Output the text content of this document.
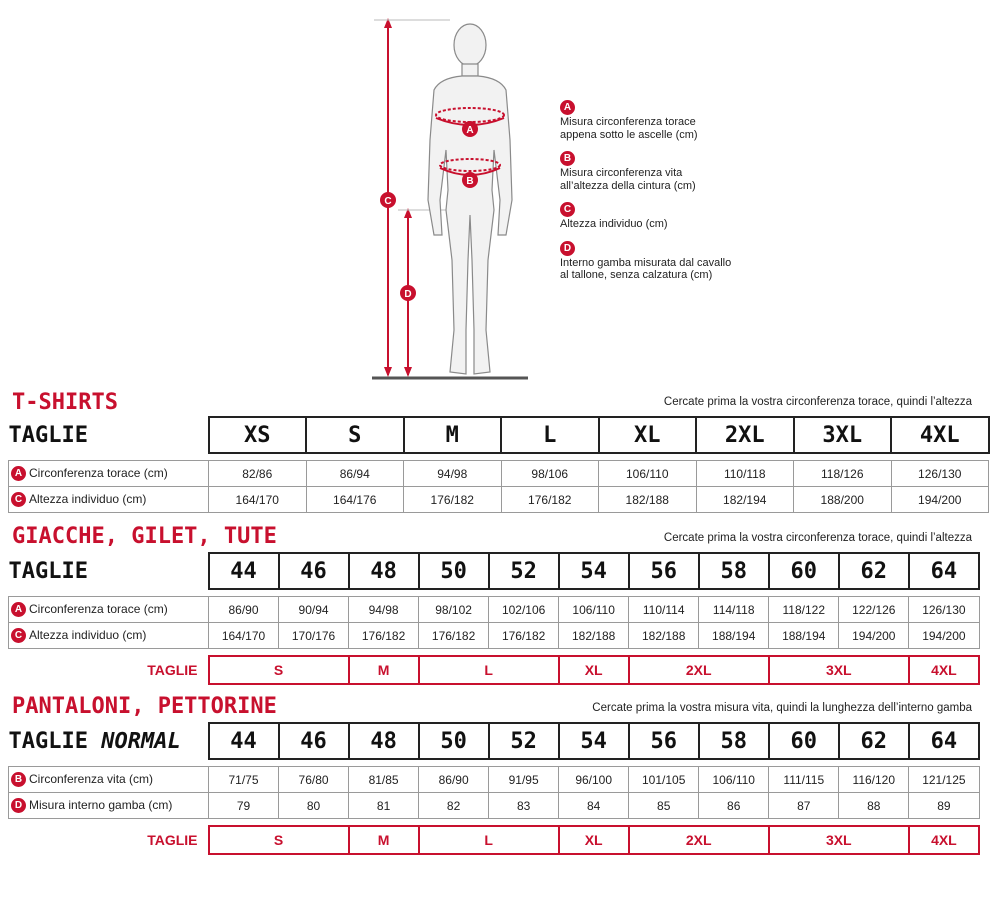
C
D
A
B
A
Misura circonferenza torace appena sotto le ascelle (cm)
B
Misura circonferenza vita all’altezza della cintura (cm)
C
Altezza individuo (cm)
D
Interno gamba misurata dal cavallo al tallone, senza calzatura (cm)
T-SHIRTS	Cercate prima la vostra circonferenza torace, quindi l’altezza
TAGLIE	XS	S	M	L	XL	2XL	3XL	4XL

A Circonferenza torace (cm)	82/86	86/94	94/98	98/106	106/110	110/118	118/126	126/130
C Altezza individuo (cm)	164/170	164/176	176/182	176/182	182/188	182/194	188/200	194/200
GIACCHE, GILET, TUTE	Cercate prima la vostra circonferenza torace, quindi l’altezza
TAGLIE	44	46	48	50	52	54	56	58	60	62	64

A Circonferenza torace (cm)	86/90	90/94	94/98	98/102	102/106	106/110	110/114	114/118	118/122	122/126	126/130
C Altezza individuo (cm)	164/170	170/176	176/182	176/182	176/182	182/188	182/188	188/194	188/194	194/200	194/200

TAGLIE	S		M	L		XL	2XL		3XL		4XL
PANTALONI, PETTORINE	Cercate prima la vostra misura vita, quindi la lunghezza dell’interno gamba
TAGLIE NORMAL	44	46	48	50	52	54	56	58	60	62	64

B Circonferenza vita (cm)	71/75	76/80	81/85	86/90	91/95	96/100	101/105	106/110	111/115	116/120	121/125
D Misura interno gamba (cm)	79	80	81	82	83	84	85	86	87	88	89

TAGLIE	S		M	L		XL	2XL		3XL		4XL
